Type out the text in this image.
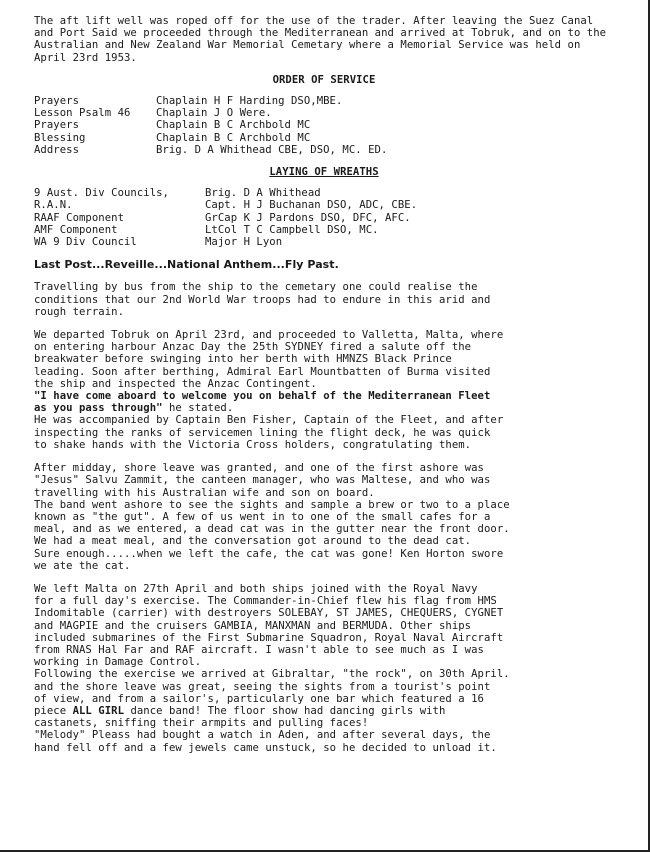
The aft lift well was roped off for the use of the trader. After leaving the Suez Canal and Port Said we proceeded through the Mediterranean and arrived at Tobruk, and on to the Australian and New Zealand War Memorial Cemetary where a Memorial Service was held on April 23rd 1953.

ORDER OF SERVICE
Prayers	Chaplain H F Harding DSO,MBE.
Lesson Psalm 46	Chaplain J O Were.
Prayers	Chaplain B C Archbold MC
Blessing	Chaplain B C Archbold MC
Address	Brig. D A Whithead CBE, DSO, MC. ED.
LAYING OF WREATHS
9 Aust. Div Councils,	Brig. D A Whithead
R.A.N.	Capt. H J Buchanan DSO, ADC, CBE.
RAAF Component	GrCap K J Pardons DSO, DFC, AFC.
AMF Component	LtCol T C Campbell DSO, MC.
WA 9 Div Council	Major H Lyon

Last Post...Reveille...National Anthem...Fly Past.

Travelling by bus from the ship to the cemetary one could realise the
conditions that our 2nd World War troops had to endure in this arid and
rough terrain.
We departed Tobruk on April 23rd, and proceeded to Valletta, Malta, where
on entering harbour Anzac Day the 25th SYDNEY fired a salute off the
breakwater before swinging into her berth with HMNZS Black Prince
leading. Soon after berthing, Admiral Earl Mountbatten of Burma visited
the ship and inspected the Anzac Contingent.
"I have come aboard to welcome you on behalf of the Mediterranean Fleet
as you pass through" he stated.
He was accompanied by Captain Ben Fisher, Captain of the Fleet, and after
inspecting the ranks of servicemen lining the flight deck, he was quick
to shake hands with the Victoria Cross holders, congratulating them.
After midday, shore leave was granted, and one of the first ashore was
"Jesus" Salvu Zammit, the canteen manager, who was Maltese, and who was
travelling with his Australian wife and son on board.
The band went ashore to see the sights and sample a brew or two to a place
known as "the gut". A few of us went in to one of the small cafes for a
meal, and as we entered, a dead cat was in the gutter near the front door.
We had a meat meal, and the conversation got around to the dead cat.
Sure enough.....when we left the cafe, the cat was gone! Ken Horton swore
we ate the cat.
We left Malta on 27th April and both ships joined with the Royal Navy
for a full day's exercise. The Commander-in-Chief flew his flag from HMS
Indomitable (carrier) with destroyers SOLEBAY, ST JAMES, CHEQUERS, CYGNET
and MAGPIE and the cruisers GAMBIA, MANXMAN and BERMUDA. Other ships
included submarines of the First Submarine Squadron, Royal Naval Aircraft
from RNAS Hal Far and RAF aircraft. I wasn't able to see much as I was
working in Damage Control.
Following the exercise we arrived at Gibraltar, "the rock", on 30th April.
and the shore leave was great, seeing the sights from a tourist's point
of view, and from a sailor's, particularly one bar which featured a 16
piece ALL GIRL dance band! The floor show had dancing girls with
castanets, sniffing their armpits and pulling faces!
"Melody" Pleass had bought a watch in Aden, and after several days, the
hand fell off and a few jewels came unstuck, so he decided to unload it.
